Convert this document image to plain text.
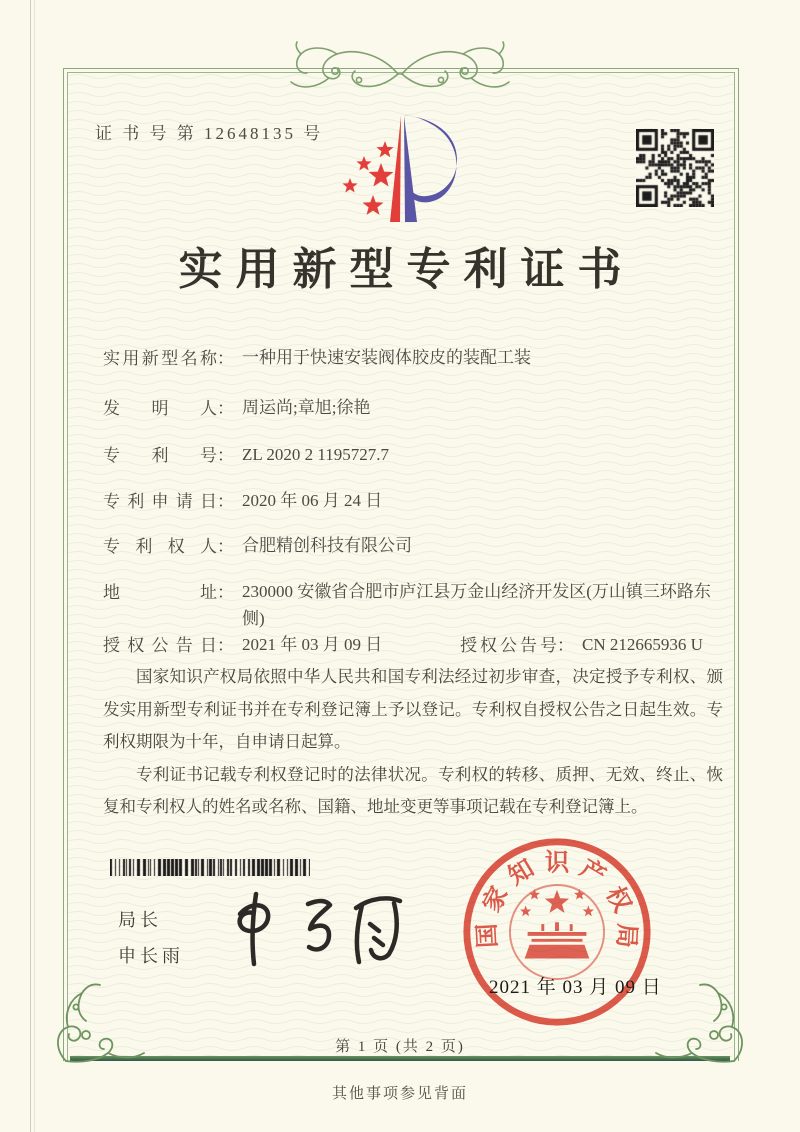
证 书 号 第 12648135 号
实用新型专利证书
实用新型名称 ： 一种用于快速安装阀体胶皮的装配工装
发明人 ： 周运尚;章旭;徐艳
专利号 ： ZL 2020 2 1195727.7
专利申请日 ： 2020 年 06 月 24 日
专利权人 ： 合肥精创科技有限公司
地址 ： 230000 安徽省合肥市庐江县万金山经济开发区(万山镇三环路东侧)
授权公告日 ： 2021 年 03 月 09 日	授权公告号 ： CN 212665936 U

国家知识产权局依照中华人民共和国专利法经过初步审查，决定授予专利权、颁发实用新型专利证书并在专利登记簿上予以登记。专利权自授权公告之日起生效。专利权期限为十年，自申请日起算。

专利证书记载专利权登记时的法律状况。专利权的转移、质押、无效、终止、恢复和专利权人的姓名或名称、国籍、地址变更等事项记载在专利登记簿上。

局长
申长雨
国
家
知 识 产
权
局
2021 年 03 月 09 日
第 1 页 (共 2 页)
其他事项参见背面
